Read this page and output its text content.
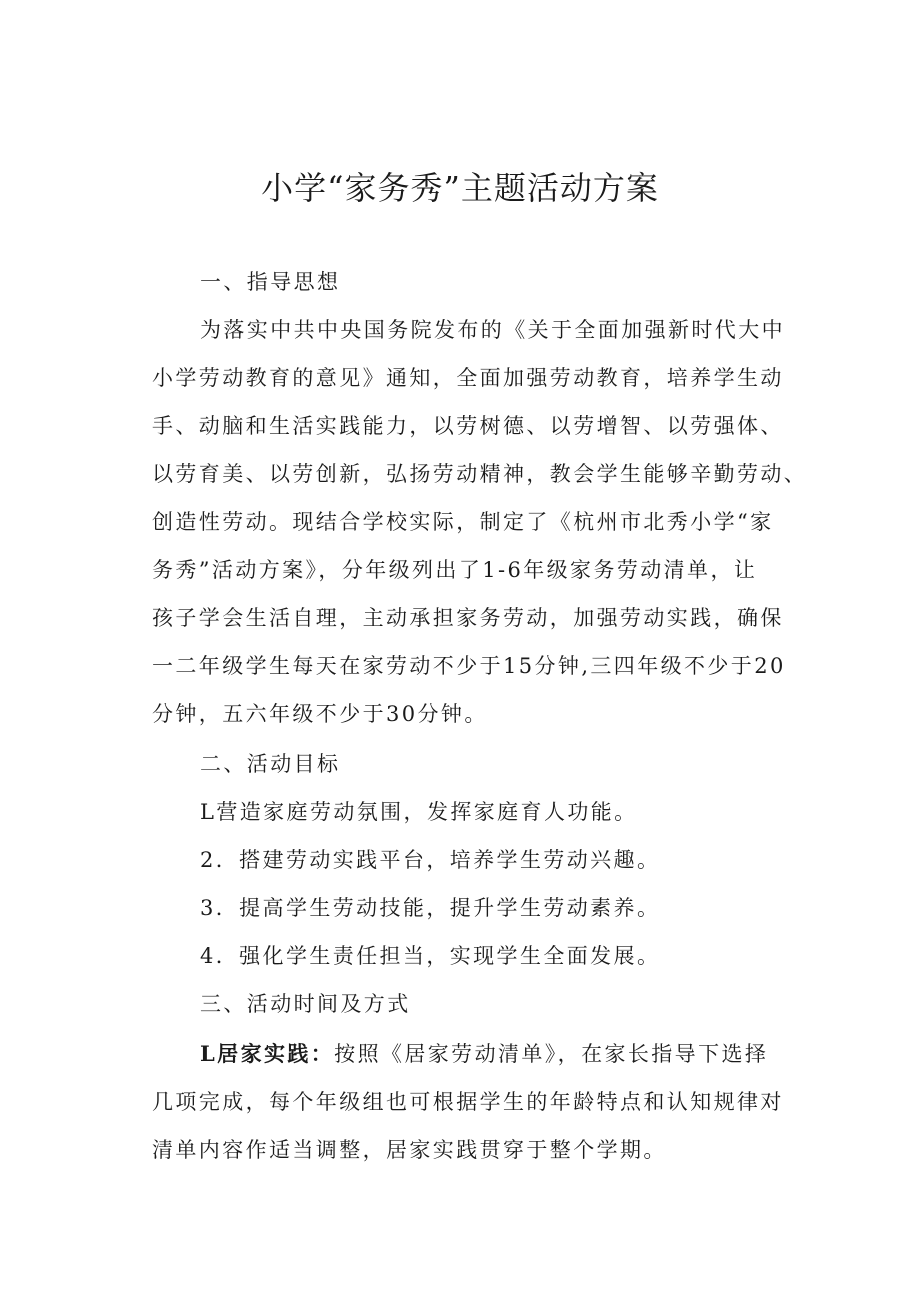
小学“家务秀”主题活动方案
一、指导思想
为落实中共中央国务院发布的《关于全面加强新时代大中
小学劳动教育的意见》通知，全面加强劳动教育，培养学生动
手、动脑和生活实践能力，以劳树德、以劳增智、以劳强体、
以劳育美、以劳创新，弘扬劳动精神，教会学生能够辛勤劳动、
创造性劳动。现结合学校实际，制定了《杭州市北秀小学“家
务秀”活动方案》，分年级列出了1-6年级家务劳动清单，让
孩子学会生活自理，主动承担家务劳动，加强劳动实践，确保
一二年级学生每天在家劳动不少于15分钟,三四年级不少于20
分钟，五六年级不少于30分钟。
二、活动目标
L营造家庭劳动氛围，发挥家庭育人功能。
2．搭建劳动实践平台，培养学生劳动兴趣。
3．提高学生劳动技能，提升学生劳动素养。
4．强化学生责任担当，实现学生全面发展。
三、活动时间及方式
L居家实践：按照《居家劳动清单》，在家长指导下选择
几项完成，每个年级组也可根据学生的年龄特点和认知规律对
清单内容作适当调整，居家实践贯穿于整个学期。
